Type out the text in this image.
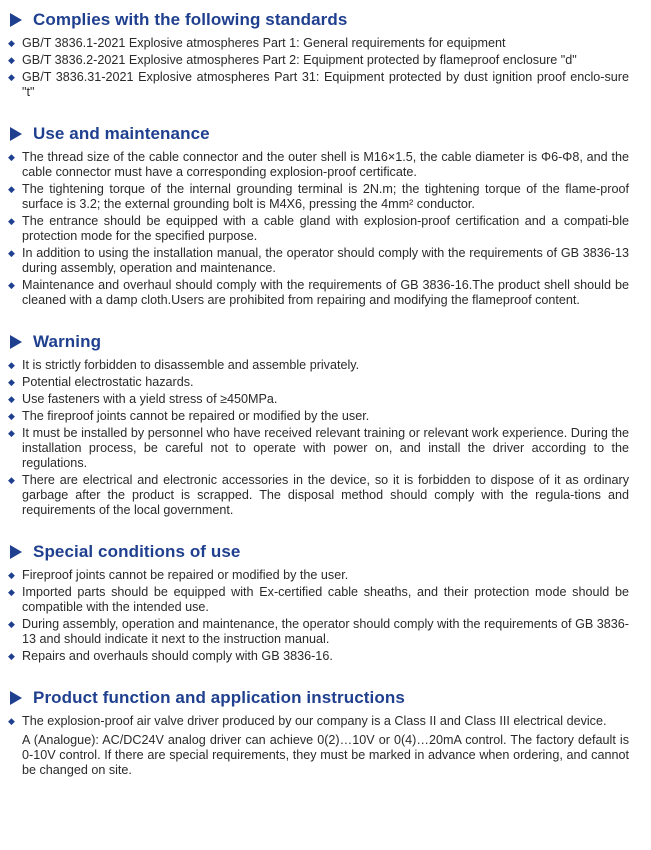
Complies with the following standards
◆ GB/T 3836.1-2021 Explosive atmospheres Part 1: General requirements for equipment
◆ GB/T 3836.2-2021 Explosive atmospheres Part 2: Equipment protected by flameproof enclosure "d"
◆ GB/T 3836.31-2021 Explosive atmospheres Part 31: Equipment protected by dust ignition proof enclo-sure "t"
Use and maintenance
◆ The thread size of the cable connector and the outer shell is M16×1.5, the cable diameter is Φ6-Φ8, and the cable connector must have a corresponding explosion-proof certificate.
◆ The tightening torque of the internal grounding terminal is 2N.m; the tightening torque of the flame-proof surface is 3.2; the external grounding bolt is M4X6, pressing the 4mm² conductor.
◆ The entrance should be equipped with a cable gland with explosion-proof certification and a compati-ble protection mode for the specified purpose.
◆ In addition to using the installation manual, the operator should comply with the requirements of GB 3836-13 during assembly, operation and maintenance.
◆ Maintenance and overhaul should comply with the requirements of GB 3836-16.The product shell should be cleaned with a damp cloth.Users are prohibited from repairing and modifying the flameproof content.
Warning
◆ It is strictly forbidden to disassemble and assemble privately.
◆ Potential electrostatic hazards.
◆ Use fasteners with a yield stress of ≥450MPa.
◆ The fireproof joints cannot be repaired or modified by the user.
◆ It must be installed by personnel who have received relevant training or relevant work experience. During the installation process, be careful not to operate with power on, and install the driver according to the regulations.
◆ There are electrical and electronic accessories in the device, so it is forbidden to dispose of it as ordinary garbage after the product is scrapped. The disposal method should comply with the regula-tions and requirements of the local government.
Special conditions of use
◆ Fireproof joints cannot be repaired or modified by the user.
◆ Imported parts should be equipped with Ex-certified cable sheaths, and their protection mode should be compatible with the intended use.
◆ During assembly, operation and maintenance, the operator should comply with the requirements of GB 3836-13 and should indicate it next to the instruction manual.
◆ Repairs and overhauls should comply with GB 3836-16.
Product function and application instructions
◆ The explosion-proof air valve driver produced by our company is a Class II and Class III electrical device.
A (Analogue): AC/DC24V analog driver can achieve 0(2)…10V or 0(4)…20mA control. The factory default is 0-10V control. If there are special requirements, they must be marked in advance when ordering, and cannot be changed on site.
